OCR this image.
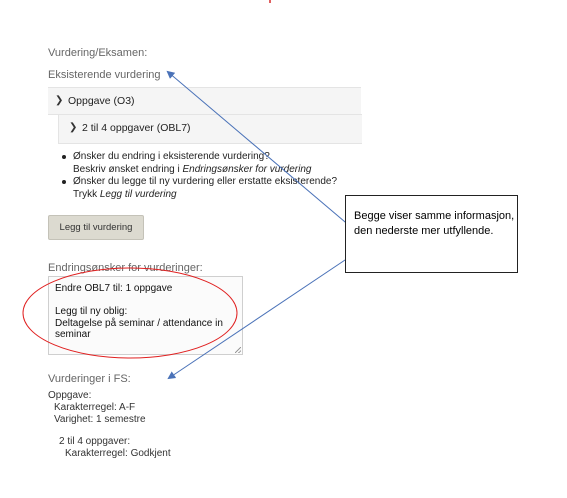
Vurdering/Eksamen:
Eksisterende vurdering
❯ Oppgave (O3)
❯ 2 til 4 oppgaver (OBL7)
Ønsker du endring i eksisterende vurdering?
Beskriv ønsket endring i Endringsønsker for vurdering
Ønsker du legge til ny vurdering eller erstatte eksisterende?
Trykk Legg til vurdering
Legg til vurdering
Endringsønsker for vurderinger:
Endre OBL7 til: 1 oppgave

Legg til ny oblig:
Deltagelse på seminar / attendance in seminar
Vurderinger i FS:
Oppgave:
Karakterregel: A-F
Varighet: 1 semestre
2 til 4 oppgaver:
Karakterregel: Godkjent
Begge viser samme informasjon, den nederste mer utfyllende.
